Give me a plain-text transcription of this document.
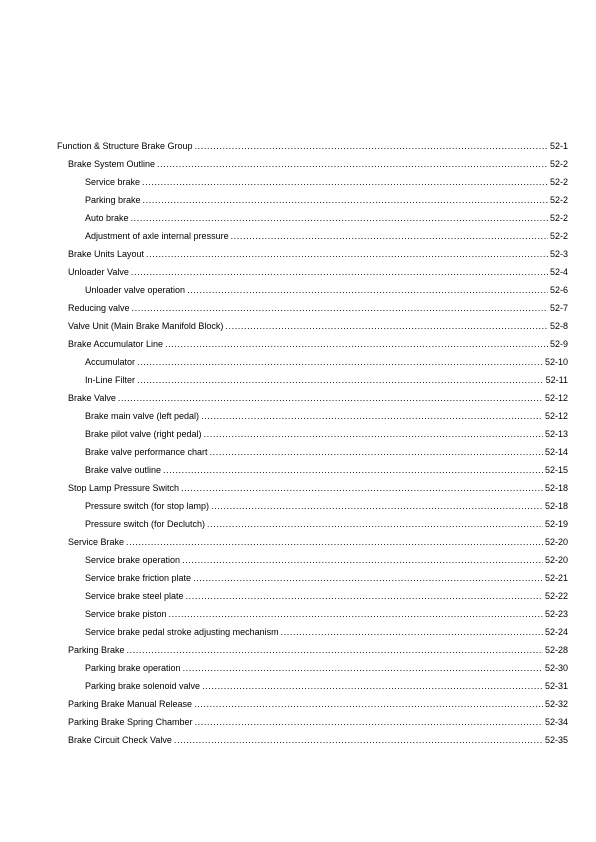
Function & Structure Brake Group .....	52-1
Brake System Outline .....	52-2
Service brake .....	52-2
Parking brake .....	52-2
Auto brake .....	52-2
Adjustment of axle internal pressure .....	52-2
Brake Units Layout .....	52-3
Unloader Valve .....	52-4
Unloader valve operation .....	52-6
Reducing valve .....	52-7
Valve Unit (Main Brake Manifold Block) .....	52-8
Brake Accumulator Line .....	52-9
Accumulator .....	52-10
In-Line Filter .....	52-11
Brake Valve .....	52-12
Brake main valve (left pedal) .....	52-12
Brake pilot valve (right pedal) .....	52-13
Brake valve performance chart .....	52-14
Brake valve outline .....	52-15
Stop Lamp Pressure Switch .....	52-18
Pressure switch (for stop lamp) .....	52-18
Pressure switch (for Declutch) .....	52-19
Service Brake .....	52-20
Service brake operation .....	52-20
Service brake friction plate .....	52-21
Service brake steel plate .....	52-22
Service brake piston .....	52-23
Service brake pedal stroke adjusting mechanism .....	52-24
Parking Brake .....	52-28
Parking brake operation .....	52-30
Parking brake solenoid valve .....	52-31
Parking Brake Manual Release .....	52-32
Parking Brake Spring Chamber .....	52-34
Brake Circuit Check Valve .....	52-35
